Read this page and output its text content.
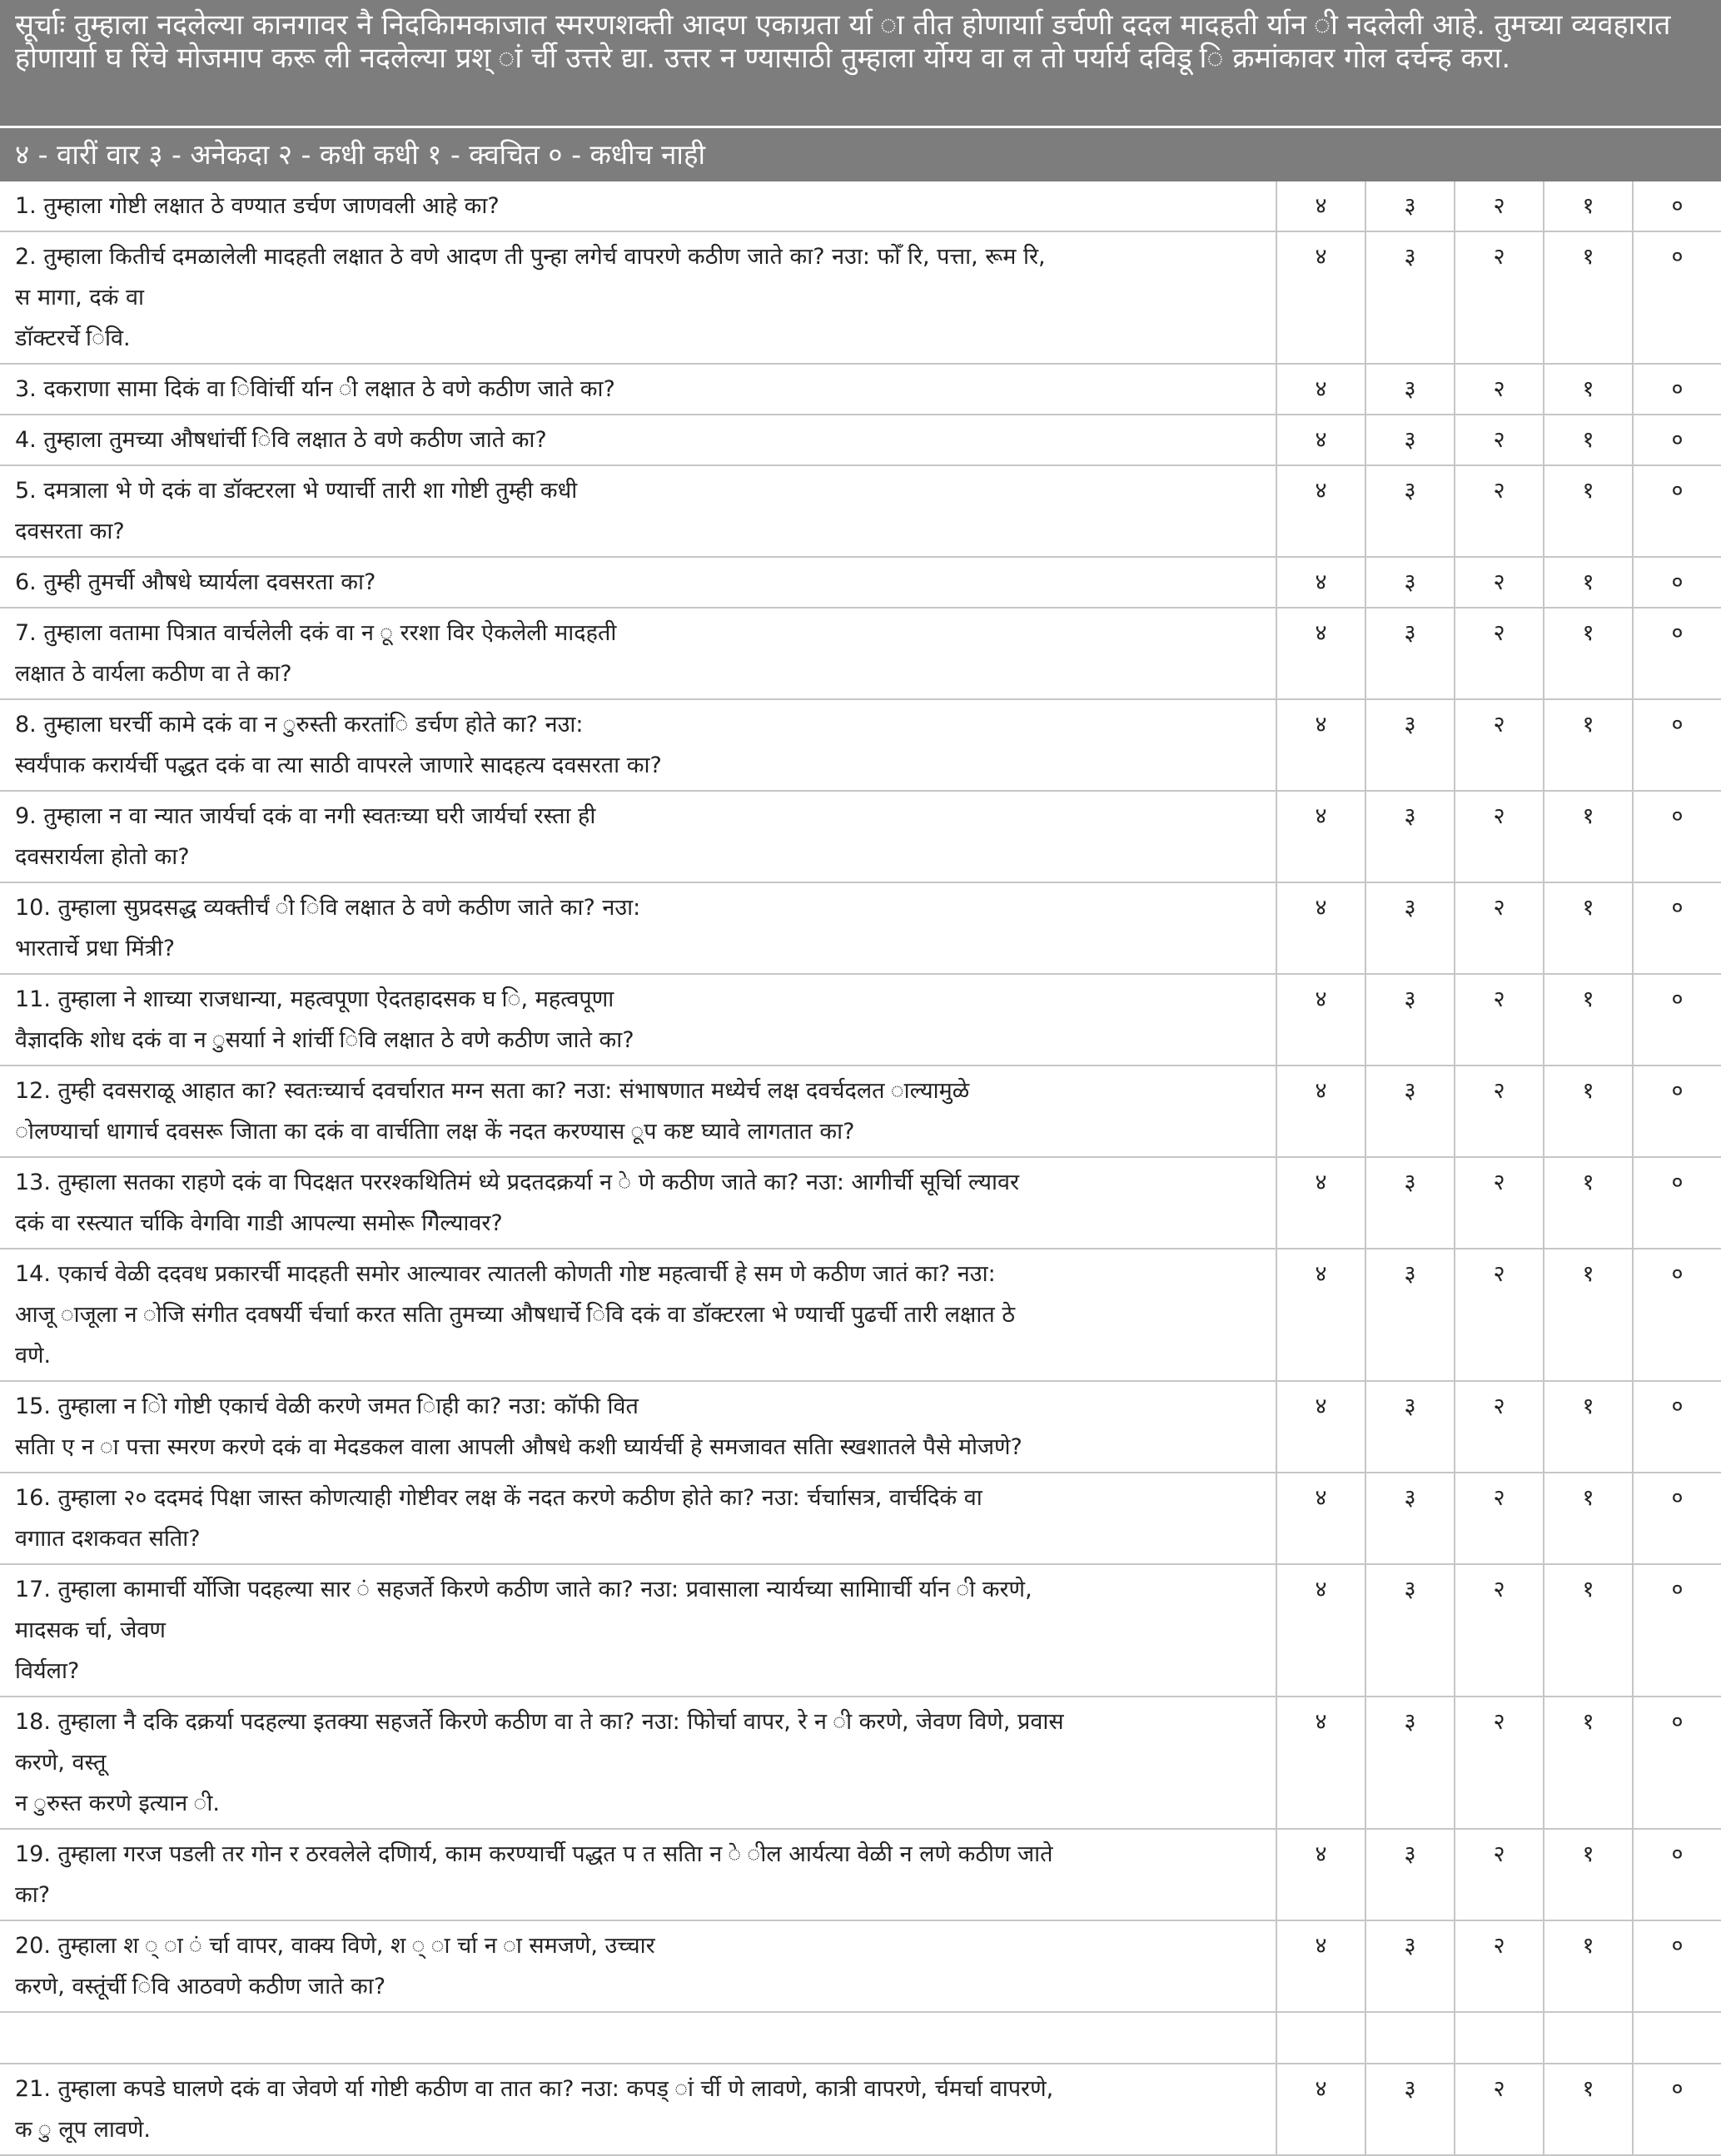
सूर्चाः तुम्हाला नदलेल्या कानगावर नै निदकिामकाजात स्मरणशक्ती आदण एकाग्रता र्या ा तीत होणार्याा डर्चणी ददल मादहती र्यान ी नदलेली आहे. तुमच्या व्यवहारात होणार्याा घ रिंचे मोजमाप करू ली नदलेल्या प्रश् ां र्ची उत्तरे द्या. उत्तर न ण्यासाठी तुम्हाला र्योग्य वा ल तो पर्यार्य दविडू ि क्रमांकावर गोल दर्चन्ह करा.
४ - वारीं वार ३ - अनेकदा २ - कधी कधी १ - क्वचित ० - कधीच नाही
1. तुम्हाला गोष्टी लक्षात ठे वण्यात डर्चण जाणवली आहे का?	४	३	२	१	०

2. तुम्हाला कितीर्च दमळालेली मादहती लक्षात ठे वणे आदण ती पुन्हा लगेर्च वापरणे कठीण जाते का? नउा: फोँ रि, पत्ता, रूम रि,
स मागा, दकं वा
डॉक्टरर्चे िवि.	४	३	२	१	०

3. दकराणा सामा दिकं वा िवािंर्ची र्यान ी लक्षात ठे वणे कठीण जाते का?	४	३	२	१	०

4. तुम्हाला तुमच्या औषधांर्ची िवि लक्षात ठे वणे कठीण जाते का?	४	३	२	१	०

5. दमत्राला भे णे दकं वा डॉक्टरला भे ण्यार्ची तारी शा गोष्टी तुम्ही कधी
दवसरता का?	४	३	२	१	०

6. तुम्ही तुमर्ची औषधे घ्यार्यला दवसरता का?	४	३	२	१	०

7. तुम्हाला वतामा पित्रात वार्चलेली दकं वा न ू ररशा विर ऐकलेली मादहती
लक्षात ठे वार्यला कठीण वा ते का?	४	३	२	१	०

8. तुम्हाला घरर्ची कामे दकं वा न ुरुस्ती करतांि डर्चण होते का? नउा:
स्वर्यंपाक करार्यर्ची पद्धत दकं वा त्या साठी वापरले जाणारे सादहत्य दवसरता का?	४	३	२	१	०

9. तुम्हाला न वा न्यात जार्यर्चा दकं वा नगी स्वतःच्या घरी जार्यर्चा रस्ता ही
दवसरार्यला होतो का?	४	३	२	१	०

10. तुम्हाला सुप्रदसद्ध व्यक्तीर्चं ी िवि लक्षात ठे वणे कठीण जाते का? नउा:
भारतार्चे प्रधा मिंत्री?	४	३	२	१	०

11. तुम्हाला ने शाच्या राजधान्या, महत्वपूणा ऐदतहादसक घ ि, महत्वपूणा
वैज्ञादकि शोध दकं वा न ुसर्याा ने शांर्ची िवि लक्षात ठे वणे कठीण जाते का?	४	३	२	१	०

12. तुम्ही दवसराळू आहात का? स्वतःच्यार्च दवर्चारात मग्न सता का? नउा: संभाषणात मध्येर्च लक्ष दवर्चदलत ाल्यामुळे
ोलण्यार्चा धागार्च दवसरू जिाता का दकं वा वार्चतााि लक्ष कें नदत करण्यास ूप कष्ट घ्यावे लागतात का?	४	३	२	१	०

13. तुम्हाला सतका राहणे दकं वा पिदक्षत पररश्कथितिमं ध्ये प्रदतदक्रर्या न े णे कठीण जाते का? नउा: आगीर्ची सूर्चाि ल्यावर
दकं वा रस्त्यात र्चाकि वेगवाि गाडी आपल्या समोरू गिेल्यावर?	४	३	२	१	०

14. एकार्च वेळी ददवध प्रकारर्ची मादहती समोर आल्यावर त्यातली कोणती गोष्ट महत्वार्ची हे सम णे कठीण जातं का? नउा:
आजू ाजूला न ोजि संगीत दवषर्यी र्चर्चाा करत सताि तुमच्या औषधार्चे िवि दकं वा डॉक्टरला भे ण्यार्ची पुढर्ची तारी लक्षात ठे
वणे.	४	३	२	१	०

15. तुम्हाला न ोि गोष्टी एकार्च वेळी करणे जमत िाही का? नउा: कॉफी वित
सताि ए न ा पत्ता स्मरण करणे दकं वा मेदडकल वाला आपली औषधे कशी घ्यार्यर्ची हे समजावत सताि स्खशातले पैसे मोजणे?	४	३	२	१	०

16. तुम्हाला २० ददमदं पिक्षा जास्त कोणत्याही गोष्टीवर लक्ष कें नदत करणे कठीण होते का? नउा: र्चर्चाासत्र, वार्चदिकं वा
वगाात दशकवत सताि?	४	३	२	१	०

17. तुम्हाला कामार्ची र्योजाि पदहल्या सार ं सहजर्ते किरणे कठीण जाते का? नउा: प्रवासाला न्यार्यच्या सामाािर्ची र्यान ी करणे,
मादसक र्चा, जेवण
विर्यला?	४	३	२	१	०

18. तुम्हाला नै दकि दक्रर्या पदहल्या इतक्या सहजर्ते किरणे कठीण वा ते का? नउा: फोिर्चा वापर, रे न ी करणे, जेवण विणे, प्रवास
करणे, वस्तू
न ुरुस्त करणे इत्यान ी.	४	३	२	१	०

19. तुम्हाला गरज पडली तर गोन र ठरवलेले दणिार्य, काम करण्यार्ची पद्धत प त सताि न े ील आर्यत्या वेळी न लणे कठीण जाते
का?	४	३	२	१	०

20. तुम्हाला श ् ा ं र्चा वापर, वाक्य विणे, श ् ा र्चा न ा समजणे, उच्चार
करणे, वस्तूंर्ची िवि आठवणे कठीण जाते का?	४	३	२	१	०

21. तुम्हाला कपडे घालणे दकं वा जेवणे र्या गोष्टी कठीण वा तात का? नउा: कपड् ां र्ची णे लावणे, कात्री वापरणे, र्चमर्चा वापरणे,
क ु लूप लावणे.	४	३	२	१	०
